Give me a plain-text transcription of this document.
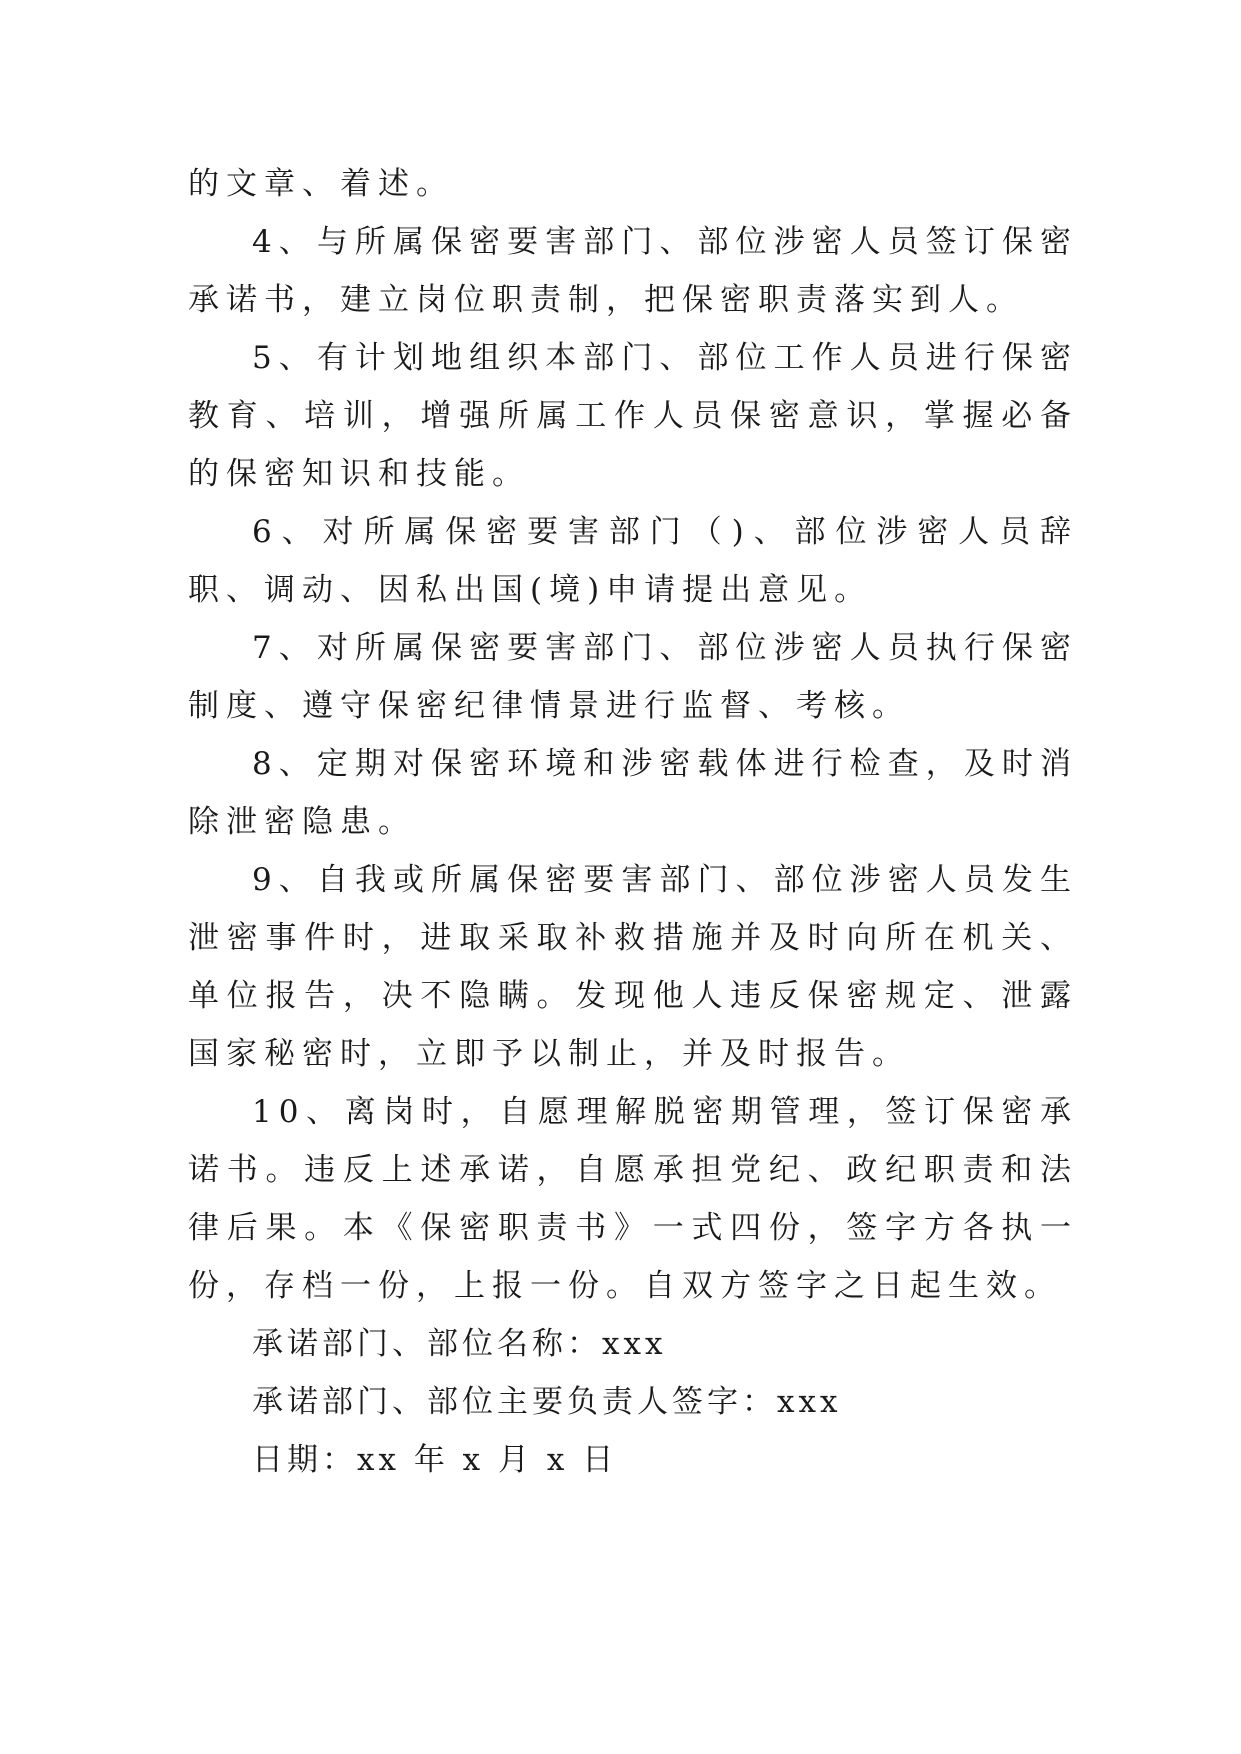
的文章、着述。

4、与所属保密要害部门、部位涉密人员签订保密承诺书，建立岗位职责制，把保密职责落实到人。

5、有计划地组织本部门、部位工作人员进行保密教育、培训，增强所属工作人员保密意识，掌握必备的保密知识和技能。

6、对所属保密要害部门（)、部位涉密人员辞职、调动、因私出国(境)申请提出意见。

7、对所属保密要害部门、部位涉密人员执行保密制度、遵守保密纪律情景进行监督、考核。

8、定期对保密环境和涉密载体进行检查，及时消除泄密隐患。

9、自我或所属保密要害部门、部位涉密人员发生泄密事件时，进取采取补救措施并及时向所在机关、单位报告，决不隐瞒。发现他人违反保密规定、泄露国家秘密时，立即予以制止，并及时报告。

10、离岗时，自愿理解脱密期管理，签订保密承诺书。违反上述承诺，自愿承担党纪、政纪职责和法律后果。本《保密职责书》一式四份，签字方各执一份，存档一份，上报一份。自双方签字之日起生效。

承诺部门、部位名称：xxx

承诺部门、部位主要负责人签字：xxx

日期：xx 年 x 月 x 日
